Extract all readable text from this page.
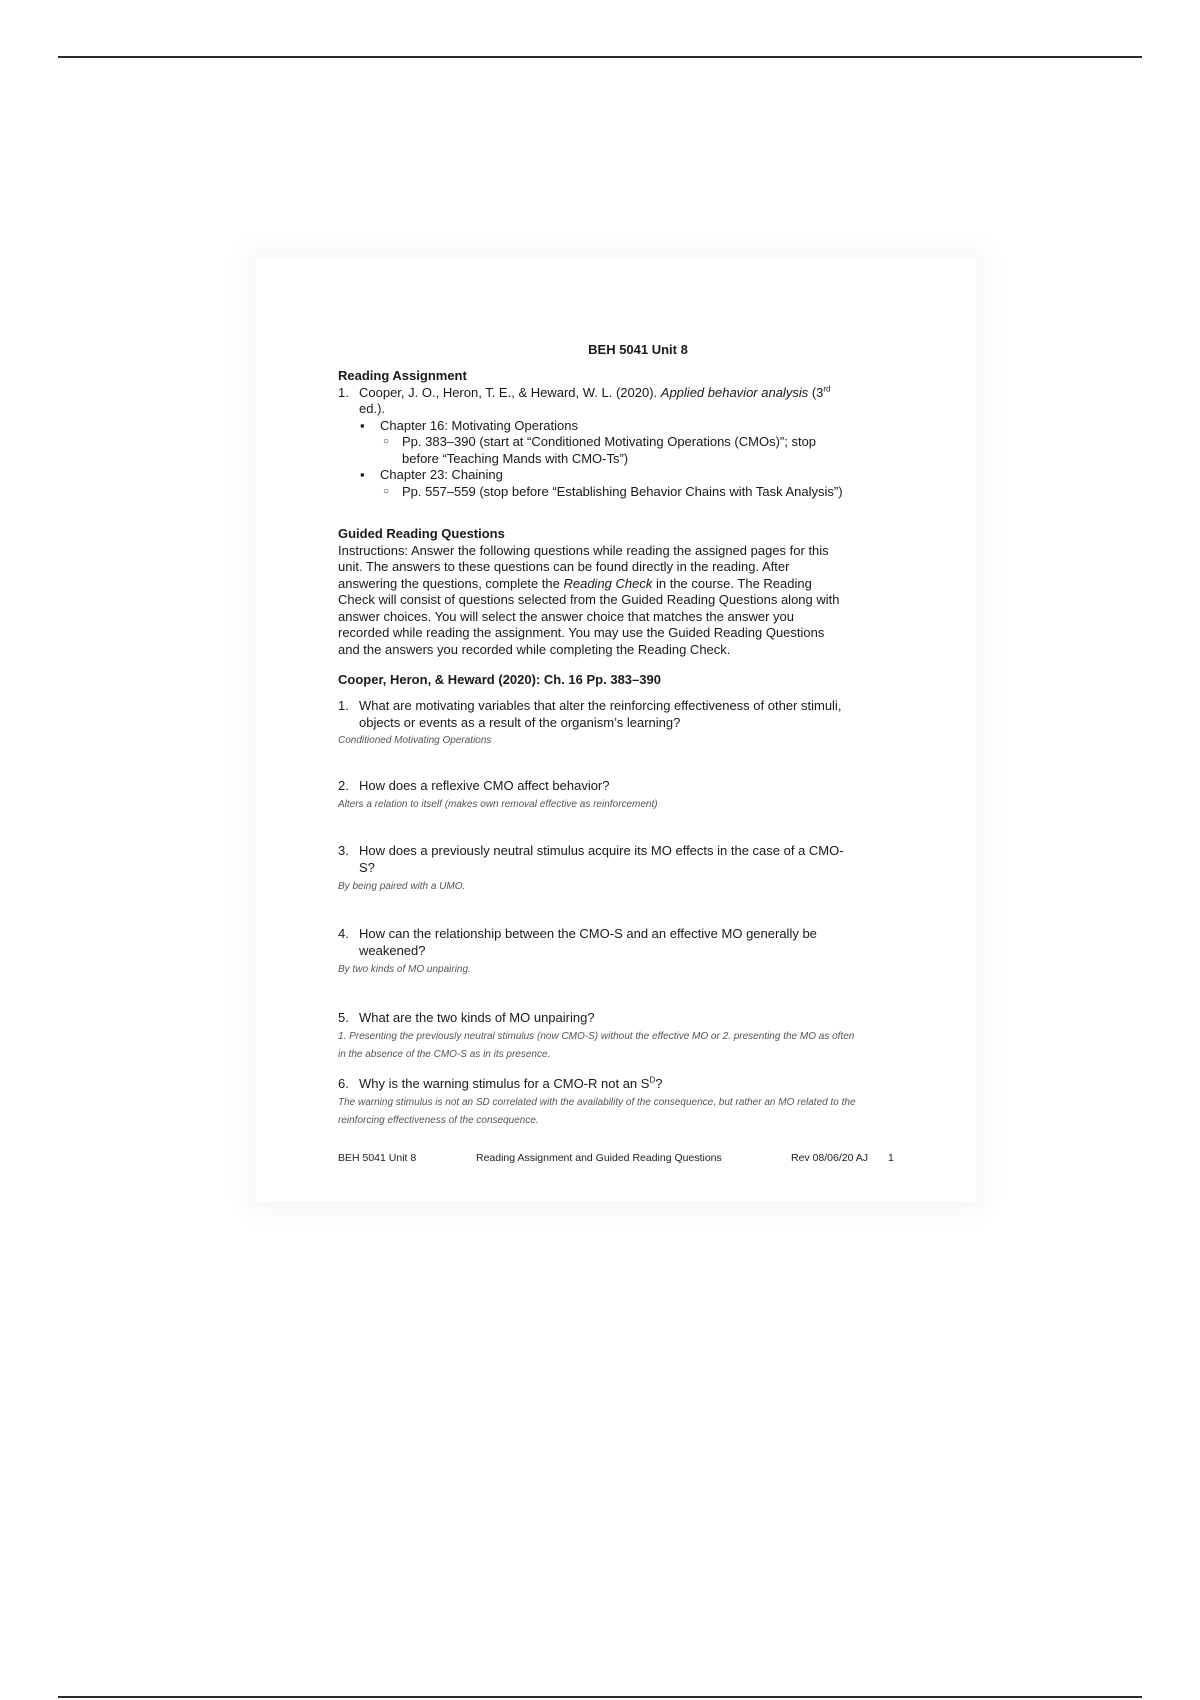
BEH 5041 Unit 8
Reading Assignment
1. Cooper, J. O., Heron, T. E., & Heward, W. L. (2020). Applied behavior analysis (3rd
ed.).
▪ Chapter 16: Motivating Operations
○ Pp. 383–390 (start at “Conditioned Motivating Operations (CMOs)”; stop
before “Teaching Mands with CMO-Ts”)
▪ Chapter 23: Chaining
○ Pp. 557–559 (stop before “Establishing Behavior Chains with Task Analysis”)
Guided Reading Questions
Instructions: Answer the following questions while reading the assigned pages for this
unit. The answers to these questions can be found directly in the reading. After
answering the questions, complete the Reading Check in the course. The Reading
Check will consist of questions selected from the Guided Reading Questions along with
answer choices. You will select the answer choice that matches the answer you
recorded while reading the assignment. You may use the Guided Reading Questions
and the answers you recorded while completing the Reading Check.
Cooper, Heron, & Heward (2020): Ch. 16 Pp. 383–390
1. What are motivating variables that alter the reinforcing effectiveness of other stimuli,
objects or events as a result of the organism’s learning?
Conditioned Motivating Operations
2. How does a reflexive CMO affect behavior?
Alters a relation to itself (makes own removal effective as reinforcement)
3. How does a previously neutral stimulus acquire its MO effects in the case of a CMO-
S?
By being paired with a UMO.
4. How can the relationship between the CMO-S and an effective MO generally be
weakened?
By two kinds of MO unpairing.
5. What are the two kinds of MO unpairing?
1. Presenting the previously neutral stimulus (now CMO-S) without the effective MO or 2. presenting the MO as often
in the absence of the CMO-S as in its presence.
6. Why is the warning stimulus for a CMO-R not an $S^D$?
The warning stimulus is not an SD correlated with the availability of the consequence, but rather an MO related to the
reinforcing effectiveness of the consequence.
BEH 5041 Unit 8	Reading Assignment and Guided Reading Questions	Rev 08/06/20 AJ 1
